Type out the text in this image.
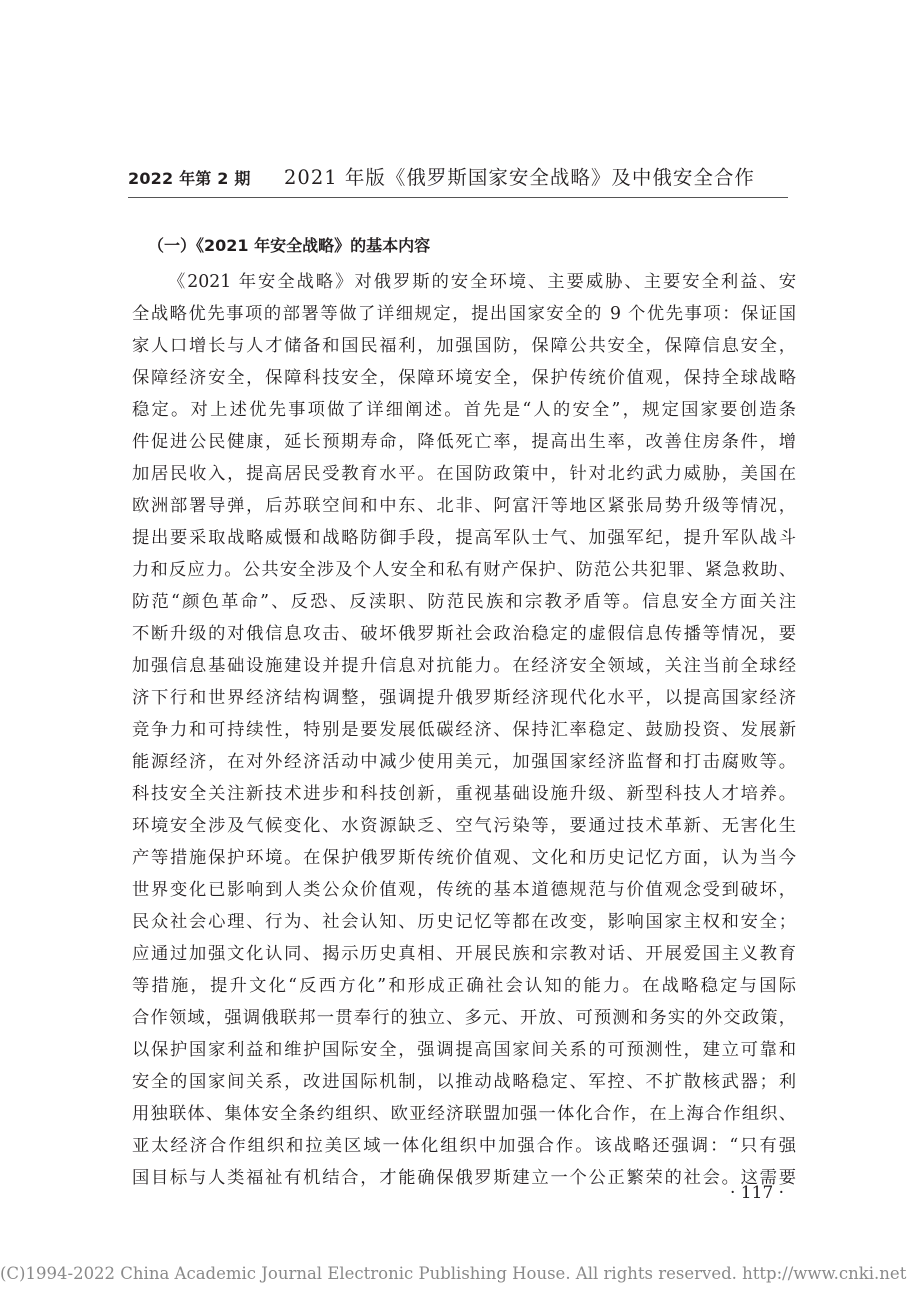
2022 年第 2 期 2021 年版《俄罗斯国家安全战略》及中俄安全合作
（一）《2021 年安全战略》的基本内容
《2021 年安全战略》对俄罗斯的安全环境、主要威胁、主要安全利益、安
全战略优先事项的部署等做了详细规定，提出国家安全的 9 个优先事项：保证国
家人口增长与人才储备和国民福利，加强国防，保障公共安全，保障信息安全，
保障经济安全，保障科技安全，保障环境安全，保护传统价值观，保持全球战略
稳定。对上述优先事项做了详细阐述。首先是“人的安全”，规定国家要创造条
件促进公民健康，延长预期寿命，降低死亡率，提高出生率，改善住房条件，增
加居民收入，提高居民受教育水平。在国防政策中，针对北约武力威胁，美国在
欧洲部署导弹，后苏联空间和中东、北非、阿富汗等地区紧张局势升级等情况，
提出要采取战略威慑和战略防御手段，提高军队士气、加强军纪，提升军队战斗
力和反应力。公共安全涉及个人安全和私有财产保护、防范公共犯罪、紧急救助、
防范“颜色革命”、反恐、反渎职、防范民族和宗教矛盾等。信息安全方面关注
不断升级的对俄信息攻击、破坏俄罗斯社会政治稳定的虚假信息传播等情况，要
加强信息基础设施建设并提升信息对抗能力。在经济安全领域，关注当前全球经
济下行和世界经济结构调整，强调提升俄罗斯经济现代化水平，以提高国家经济
竞争力和可持续性，特别是要发展低碳经济、保持汇率稳定、鼓励投资、发展新
能源经济，在对外经济活动中减少使用美元，加强国家经济监督和打击腐败等。
科技安全关注新技术进步和科技创新，重视基础设施升级、新型科技人才培养。
环境安全涉及气候变化、水资源缺乏、空气污染等，要通过技术革新、无害化生
产等措施保护环境。在保护俄罗斯传统价值观、文化和历史记忆方面，认为当今
世界变化已影响到人类公众价值观，传统的基本道德规范与价值观念受到破坏，
民众社会心理、行为、社会认知、历史记忆等都在改变，影响国家主权和安全；
应通过加强文化认同、揭示历史真相、开展民族和宗教对话、开展爱国主义教育
等措施，提升文化“反西方化”和形成正确社会认知的能力。在战略稳定与国际
合作领域，强调俄联邦一贯奉行的独立、多元、开放、可预测和务实的外交政策，
以保护国家利益和维护国际安全，强调提高国家间关系的可预测性，建立可靠和
安全的国家间关系，改进国际机制，以推动战略稳定、军控、不扩散核武器；利
用独联体、集体安全条约组织、欧亚经济联盟加强一体化合作，在上海合作组织、
亚太经济合作组织和拉美区域一体化组织中加强合作。该战略还强调：“只有强
国目标与人类福祉有机结合，才能确保俄罗斯建立一个公正繁荣的社会。这需要
· 117 ·
(C)1994-2022 China Academic Journal Electronic Publishing House. All rights reserved. http://www.cnki.net
